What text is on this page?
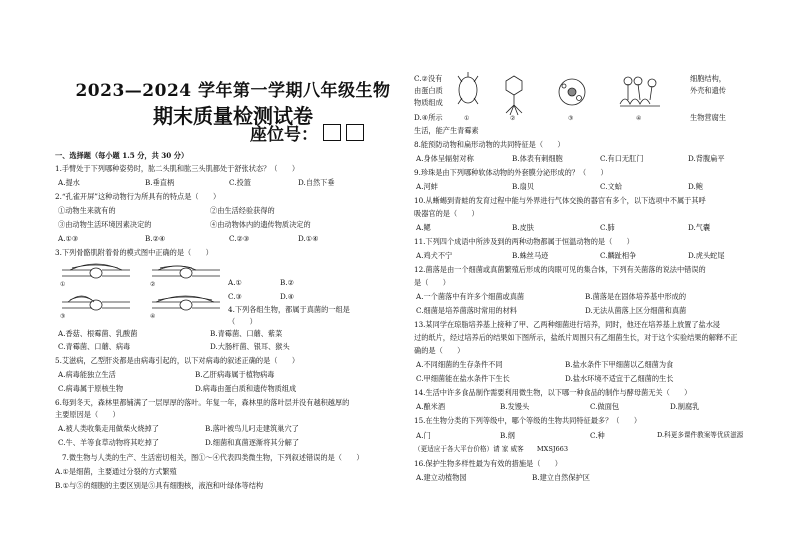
2023—2024 学年第一学期八年级生物
期末质量检测试卷
座位号：
一、选择题（每小题 1.5 分，共 30 分）
1.手臂处于下列哪种姿势时，肱二头肌和肱三头肌都处于舒张状态？（　　）
A.提水	B.垂直柄	C.投篮	D.自然下垂
2.“孔雀开屏”这种动物行为所具有的特点是（　　）
①动物生来就有的	②由生活经验获得的
③由动物生活环境因素决定的	④由动物体内的遗传物质决定的
A.①③	B.②④	C.②③	D.①④
3.下列骨骼肌附着骨的模式图中正确的是（　　）
①	②
③	④
A.①	B.②
C.③	D.④
4.下列各组生物，都属于真菌的一组是
（　　）
A.香菇、根霉菌、乳酸菌	B.青霉菌、口蘑、紫菜
C.青霉菌、口蘑、病毒	D.大肠杆菌、银耳、猴头
5.艾滋病，乙型肝炎都是由病毒引起的，以下对病毒的叙述正确的是（　　）
A.病毒能独立生活	B.乙肝病毒属于植物病毒
C.病毒属于原核生物	D.病毒由蛋白质和遗传物质组成
6.每到冬天，森林里都铺满了一层厚厚的落叶。年复一年，森林里的落叶层并没有越积越厚的
主要原因是（　　）
A.被人类收集走用做柴火烧掉了	B.落叶被鸟儿叼走建筑巢穴了
C.牛、羊等食草动物将其吃掉了	D.细菌和真菌逐渐将其分解了
7.微生物与人类的生产、生活密切相关，图①～④代表四类微生物，下列叙述错误的是（　　）
A.①是细菌，主要通过分裂的方式繁殖
B.①与⑤的细胞的主要区别是⑤具有细胞核，液泡和叶绿体等结构
C.②没有
由蛋白质
物质组成
D.④所示	①	②	③	④
细胞结构，
外壳和遗传
生物营腐生
生活，能产生青霉素
8.能预防动物和扁形动物的共同特征是（　　）
A.身体呈辐射对称	B.体表有刺细胞	C.有口无肛门	D.背腹扁平
9.珍珠是由下列哪种软体动物的外套膜分泌形成的？（　　）
A.河蚌	B.扇贝	C.文蛤	D.鲍
10.从蜥蜴到青蛙的发育过程中能与外界进行气体交换的器官有多个，以下选项中不属于其呼
吸器官的是（　　）
A.鳃	B.皮肤	C.肺	D.气囊
11.下列四个成语中所涉及到的两种动物都属于恒温动物的是（　　）
A.鸡犬不宁	B.蛛丝马迹	C.麟趾相争	D.虎头蛇尾
12.菌落是由一个细菌或真菌繁殖后形成的肉眼可见的集合体，下列有关菌落的说法中错误的
是（　　）
A.一个菌落中有许多个细菌或真菌	B.菌落是在固体培养基中形成的
C.细菌是培养菌落时常用的材料	D.无法从菌落上区分细菌和真菌
13.某同学在琼脂培养基上接种了甲、乙两种细菌进行培养，同时，他还在培养基上放置了盐水浸
过的纸片，经过培养后的结果如下图所示，盐纸片周围只有乙细菌生长，对于这个实验结果的解释不正
确的是（　　）
A.不同细菌的生存条件不同	B.盐水条件下甲细菌以乙细菌为食
C.甲细菌能在盐水条件下生长	D.盐水环境不适宜于乙细菌的生长
14.生活中许多食品制作需要利用微生物，以下哪一种食品的制作与酵母菌无关（　　）
A.酿米酒	B.发馒头	C.做面包	D.制腐乳
15.在生物分类的下列等级中，哪个等级的生物共同特征最多？（　　）
A.门	B.纲	C.种	D.科更多课件教案等优质滋源
（更适应于各大平台价格）请 家 威客　　MXSJ663
16.保护生物多样性最为有效的措施是（　　）
A.建立动植物园	B.建立自然保护区
